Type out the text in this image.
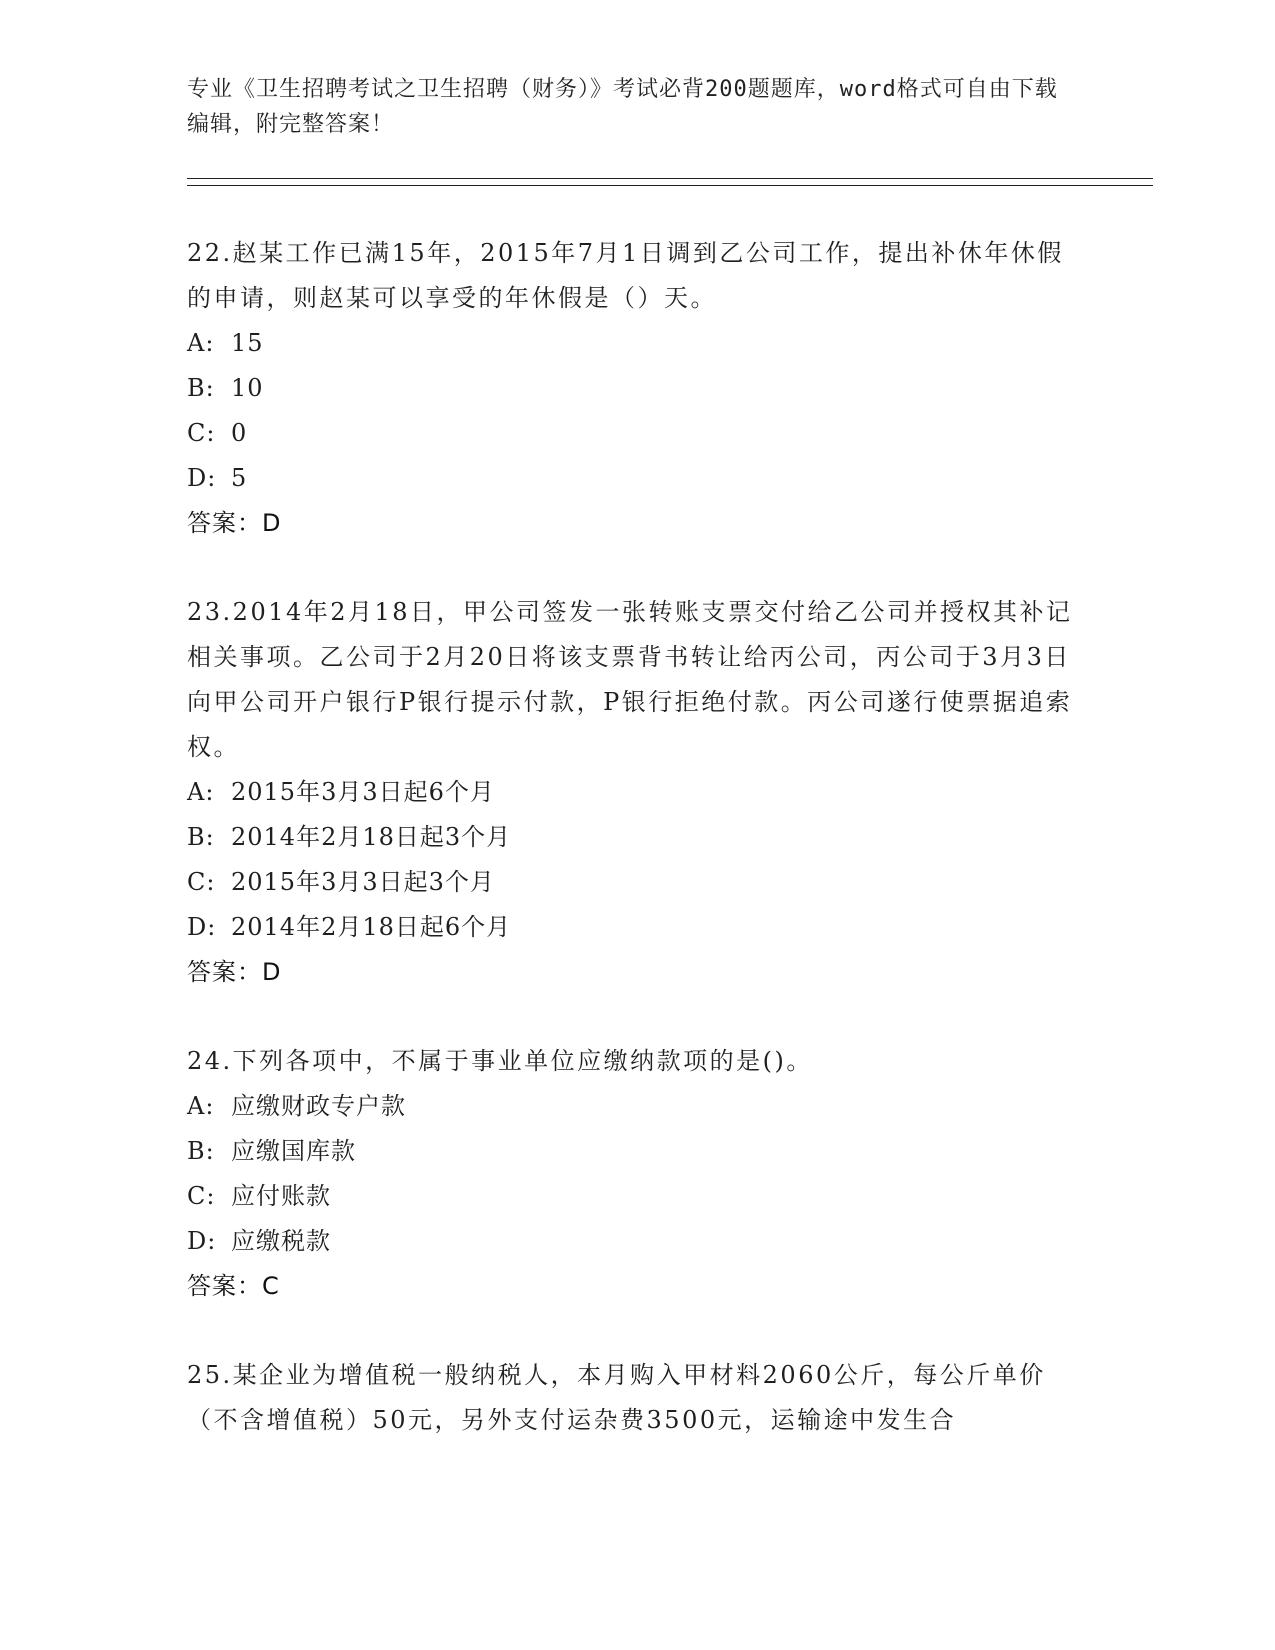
专业《卫生招聘考试之卫生招聘（财务）》考试必背200题题库，word格式可自由下载编辑，附完整答案！

22.赵某工作已满15年，2015年7月1日调到乙公司工作，提出补休年休假的申请，则赵某可以享受的年休假是（）天。

A: 15
B: 10
C: 0
D: 5
答案：D

23.2014年2月18日，甲公司签发一张转账支票交付给乙公司并授权其补记相关事项。乙公司于2月20日将该支票背书转让给丙公司，丙公司于3月3日向甲公司开户银行P银行提示付款，P银行拒绝付款。丙公司遂行使票据追索权。

A: 2015年3月3日起6个月
B: 2014年2月18日起3个月
C: 2015年3月3日起3个月
D: 2014年2月18日起6个月
答案：D

24.下列各项中，不属于事业单位应缴纳款项的是()。

A: 应缴财政专户款
B: 应缴国库款
C: 应付账款
D: 应缴税款
答案：C

25.某企业为增值税一般纳税人，本月购入甲材料2060公斤，每公斤单价（不含增值税）50元，另外支付运杂费3500元，运输途中发生合
